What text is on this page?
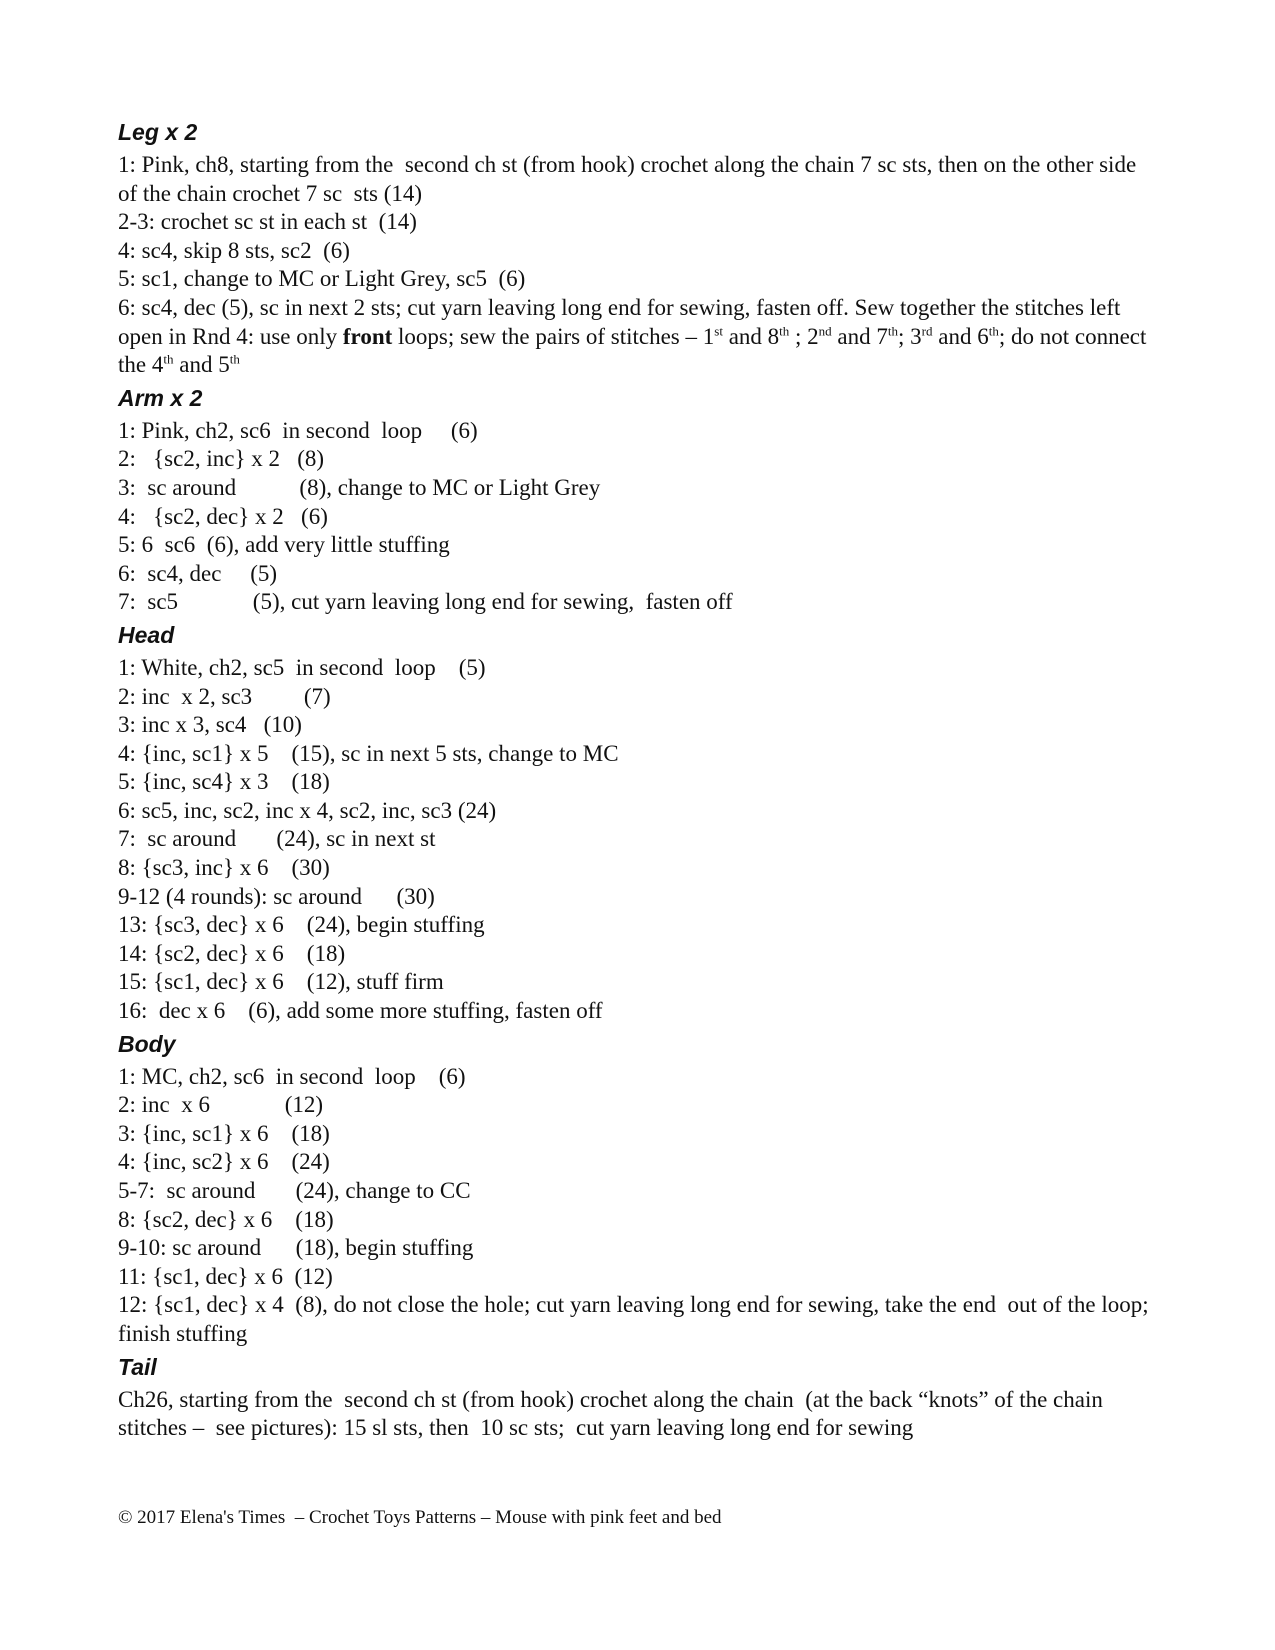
Leg x 2

1: Pink, ch8, starting from the  second ch st (from hook) crochet along the chain 7 sc sts, then on the other side of the chain crochet 7 sc  sts (14)

2-3: crochet sc st in each st  (14)

4: sc4, skip 8 sts, sc2  (6)

5: sc1, change to MC or Light Grey, sc5  (6)

6: sc4, dec (5), sc in next 2 sts; cut yarn leaving long end for sewing, fasten off. Sew together the stitches left open in Rnd 4: use only front loops; sew the pairs of stitches – 1st and 8th ; 2nd and 7th; 3rd and 6th; do not connect the 4th and 5th

Arm x 2

1: Pink, ch2, sc6  in second  loop     (6)

2:   {sc2, inc} x 2   (8)

3:  sc around           (8), change to MC or Light Grey

4:   {sc2, dec} x 2   (6)

5: 6  sc6  (6), add very little stuffing

6:  sc4, dec     (5)

7:  sc5             (5), cut yarn leaving long end for sewing,  fasten off

Head

1: White, ch2, sc5  in second  loop    (5)

2: inc  x 2, sc3         (7)

3: inc x 3, sc4   (10)

4: {inc, sc1} x 5    (15), sc in next 5 sts, change to MC

5: {inc, sc4} x 3    (18)

6: sc5, inc, sc2, inc x 4, sc2, inc, sc3 (24)

7:  sc around       (24), sc in next st

8: {sc3, inc} x 6    (30)

9-12 (4 rounds): sc around      (30)

13: {sc3, dec} x 6    (24), begin stuffing

14: {sc2, dec} x 6    (18)

15: {sc1, dec} x 6    (12), stuff firm

16:  dec x 6    (6), add some more stuffing, fasten off

Body

1: MC, ch2, sc6  in second  loop    (6)

2: inc  x 6             (12)

3: {inc, sc1} x 6    (18)

4: {inc, sc2} x 6    (24)

5-7:  sc around       (24), change to CC

8: {sc2, dec} x 6    (18)

9-10: sc around      (18), begin stuffing

11: {sc1, dec} x 6  (12)

12: {sc1, dec} x 4  (8), do not close the hole; cut yarn leaving long end for sewing, take the end  out of the loop; finish stuffing

Tail

Ch26, starting from the  second ch st (from hook) crochet along the chain  (at the back “knots” of the chain stitches –  see pictures): 15 sl sts, then  10 sc sts;  cut yarn leaving long end for sewing

© 2017 Elena's Times  – Crochet Toys Patterns – Mouse with pink feet and bed
